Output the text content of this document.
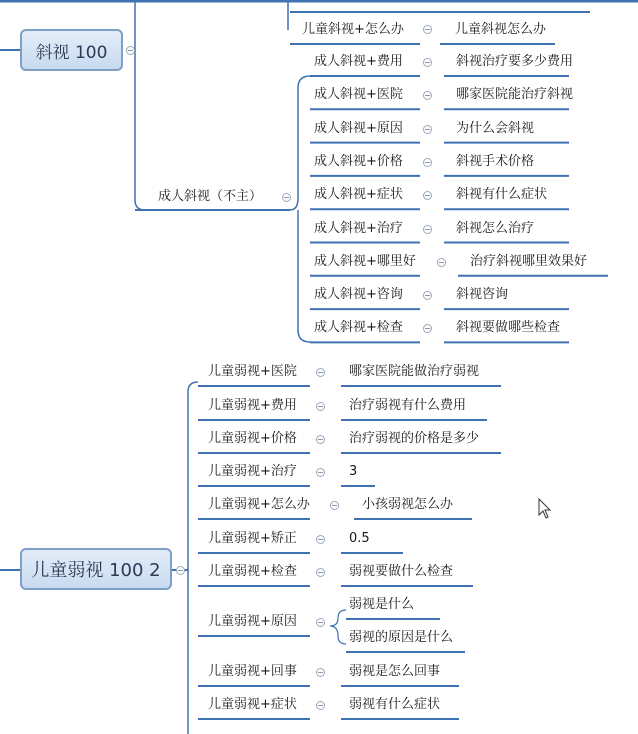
斜视 100
儿童弱视 100 2
儿童斜视+怎么办	儿童斜视怎么办
成人斜视（不主）
成人斜视+费用	斜视治疗要多少费用
成人斜视+医院	哪家医院能治疗斜视
成人斜视+原因	为什么会斜视
成人斜视+价格	斜视手术价格
成人斜视+症状	斜视有什么症状
成人斜视+治疗	斜视怎么治疗
成人斜视+哪里好	治疗斜视哪里效果好
成人斜视+咨询	斜视咨询
成人斜视+检查	斜视要做哪些检查
儿童弱视+医院	哪家医院能做治疗弱视
儿童弱视+费用	治疗弱视有什么费用
儿童弱视+价格	治疗弱视的价格是多少
儿童弱视+治疗	3
儿童弱视+怎么办	小孩弱视怎么办
儿童弱视+矫正	0.5
儿童弱视+检查	弱视要做什么检查
儿童弱视+原因
弱视是什么
弱视的原因是什么
儿童弱视+回事	弱视是怎么回事
儿童弱视+症状	弱视有什么症状
